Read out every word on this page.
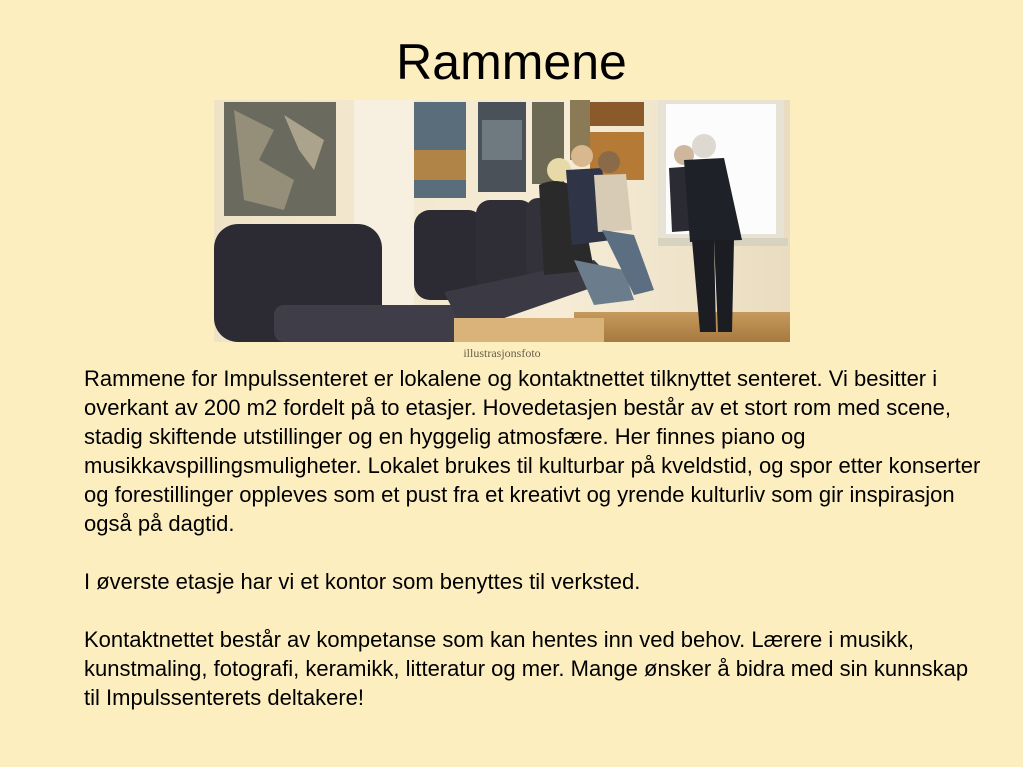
Rammene
illustrasjonsfoto

Rammene for Impulssenteret er lokalene og kontaktnettet tilknyttet senteret. Vi besitter i overkant av 200 m2 fordelt på to etasjer. Hovedetasjen består av et stort rom med scene, stadig skiftende utstillinger og en hyggelig atmosfære. Her finnes piano og musikkavspillingsmuligheter. Lokalet brukes til kulturbar på kveldstid, og spor etter konserter og forestillinger oppleves som et pust fra et kreativt og yrende kulturliv som gir inspirasjon også på dagtid.

I øverste etasje har vi et kontor som benyttes til verksted.

Kontaktnettet består av kompetanse som kan hentes inn ved behov. Lærere i musikk, kunstmaling, fotografi, keramikk, litteratur og mer. Mange ønsker å bidra med sin kunnskap til Impulssenterets deltakere!
